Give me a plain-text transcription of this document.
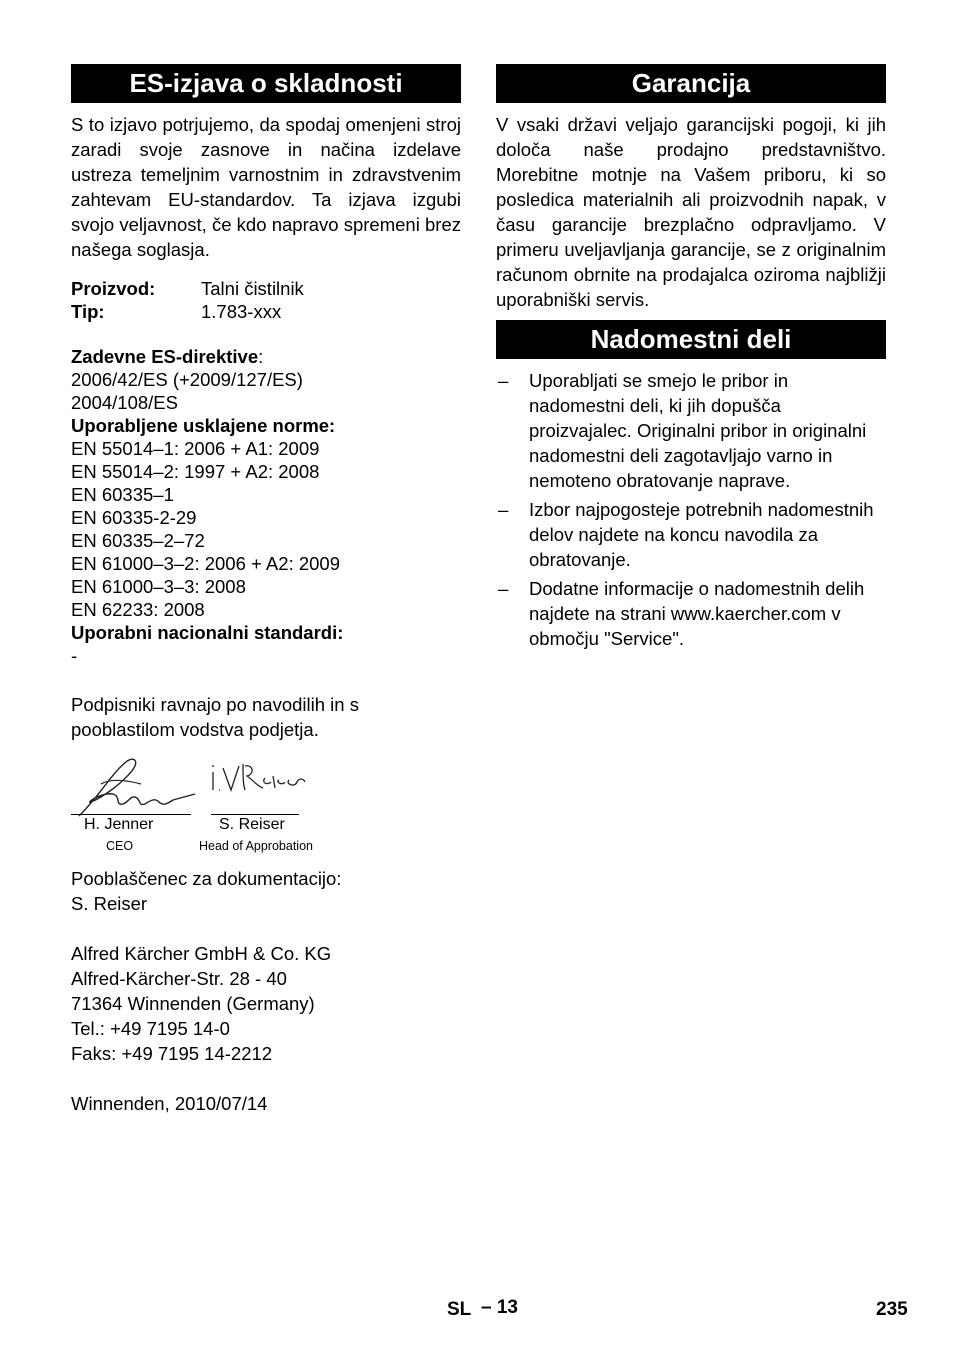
ES-izjava o skladnosti

S to izjavo potrjujemo, da spodaj omenjeni stroj zaradi svoje zasnove in načina izdelave ustreza temeljnim varnostnim in zdravstvenim zahtevam EU-standardov. Ta izjava izgubi svojo veljavnost, če kdo napravo spremeni brez našega soglasja.

Proizvod:	Talni čistilnik
Tip:	1.783-xxx
Zadevne ES-direktive:
2006/42/ES (+2009/127/ES)
2004/108/ES
Uporabljene usklajene norme:
EN 55014–1: 2006 + A1: 2009
EN 55014–2: 1997 + A2: 2008
EN 60335–1
EN 60335-2-29
EN 60335–2–72
EN 61000–3–2: 2006 + A2: 2009
EN 61000–3–3: 2008
EN 62233: 2008
Uporabni nacionalni standardi:
-

Podpisniki ravnajo po navodilih in s pooblastilom vodstva podjetja.

H. Jenner
CEO
S. Reiser
Head of Approbation
Pooblaščenec za dokumentacijo:
S. Reiser
Alfred Kärcher GmbH & Co. KG
Alfred-Kärcher-Str. 28 - 40
71364 Winnenden (Germany)
Tel.: +49 7195 14-0
Faks: +49 7195 14-2212
Winnenden, 2010/07/14
Garancija

V vsaki državi veljajo garancijski pogoji, ki jih določa naše prodajno predstavništvo. Morebitne motnje na Vašem priboru, ki so posledica materialnih ali proizvodnih napak, v času garancije brezplačno odpravljamo. V primeru uveljavljanja garancije, se z originalnim računom obrnite na prodajalca oziroma najbližji uporabniški servis.

Nadomestni deli
– Uporabljati se smejo le pribor in nadomestni deli, ki jih dopušča proizvajalec. Originalni pribor in originalni nadomestni deli zagotavljajo varno in nemoteno obratovanje naprave.
– Izbor najpogosteje potrebnih nadomestnih delov najdete na koncu navodila za obratovanje.
– Dodatne informacije o nadomestnih delih najdete na strani www.kaercher.com v območju "Service".
SL – 13	235
